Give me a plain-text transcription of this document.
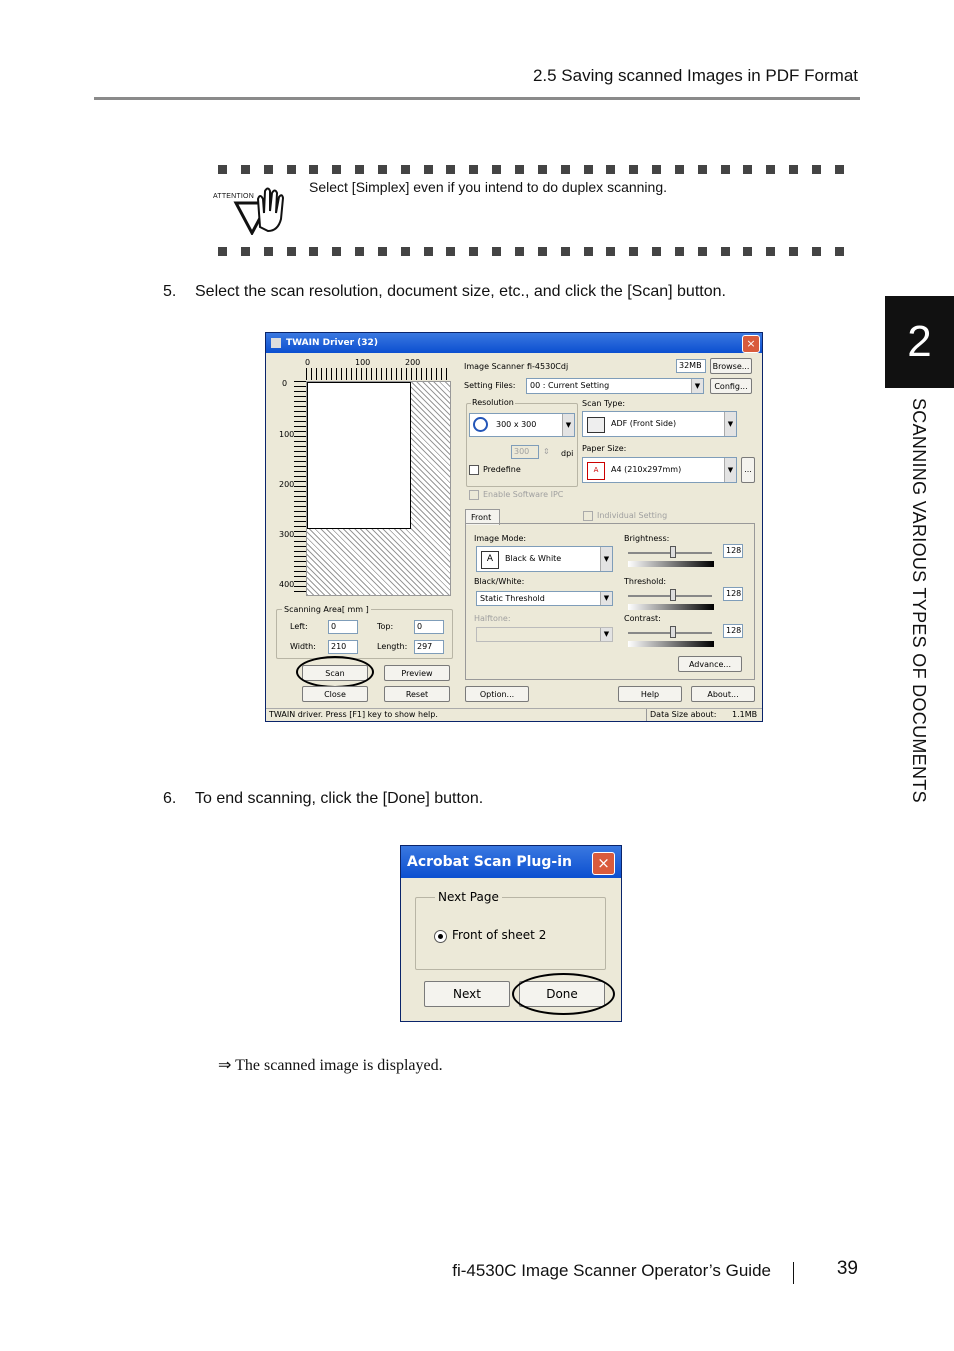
2.5 Saving scanned Images in PDF Format
ATTENTION
Select [Simplex] even if you intend to do duplex scanning.
5. Select the scan resolution, document size, etc., and click the [Scan] button.
TWAIN Driver (32)	×
0	100	200
0
100
200
300
400
Scanning Area[ mm ]
Left:	0	Top:	0
Width:	210	Length:	297
Scan	Preview
Close	Reset
Image Scanner :
fi-4530Cdj	32MB	Browse...
Setting Files:	00 : Current Setting	▼	Config...
Resolution
300 x 300	▼
300	⇕ dpi
Predefine
Scan Type:
ADF (Front Side)	▼
Paper Size:
A	A4 (210x297mm)	▼	...
Enable Software IPC
Front	Individual Setting
Image Mode:
A	Black & White	▼
Black/White:
Static Threshold	▼
Halftone:
▼
Brightness:
128
Threshold:
128
Contrast:
128
Advance...
Option...	Help	About...
TWAIN driver. Press [F1] key to show help.	Data Size about: 1.1MB
6. To end scanning, click the [Done] button.
Acrobat Scan Plug-in	×
Next Page
Front of sheet 2
Next	Done
⇒ The scanned image is displayed.
2
SCANNING VARIOUS TYPES OF DOCUMENTS
fi-4530C Image Scanner Operator’s Guide	39
